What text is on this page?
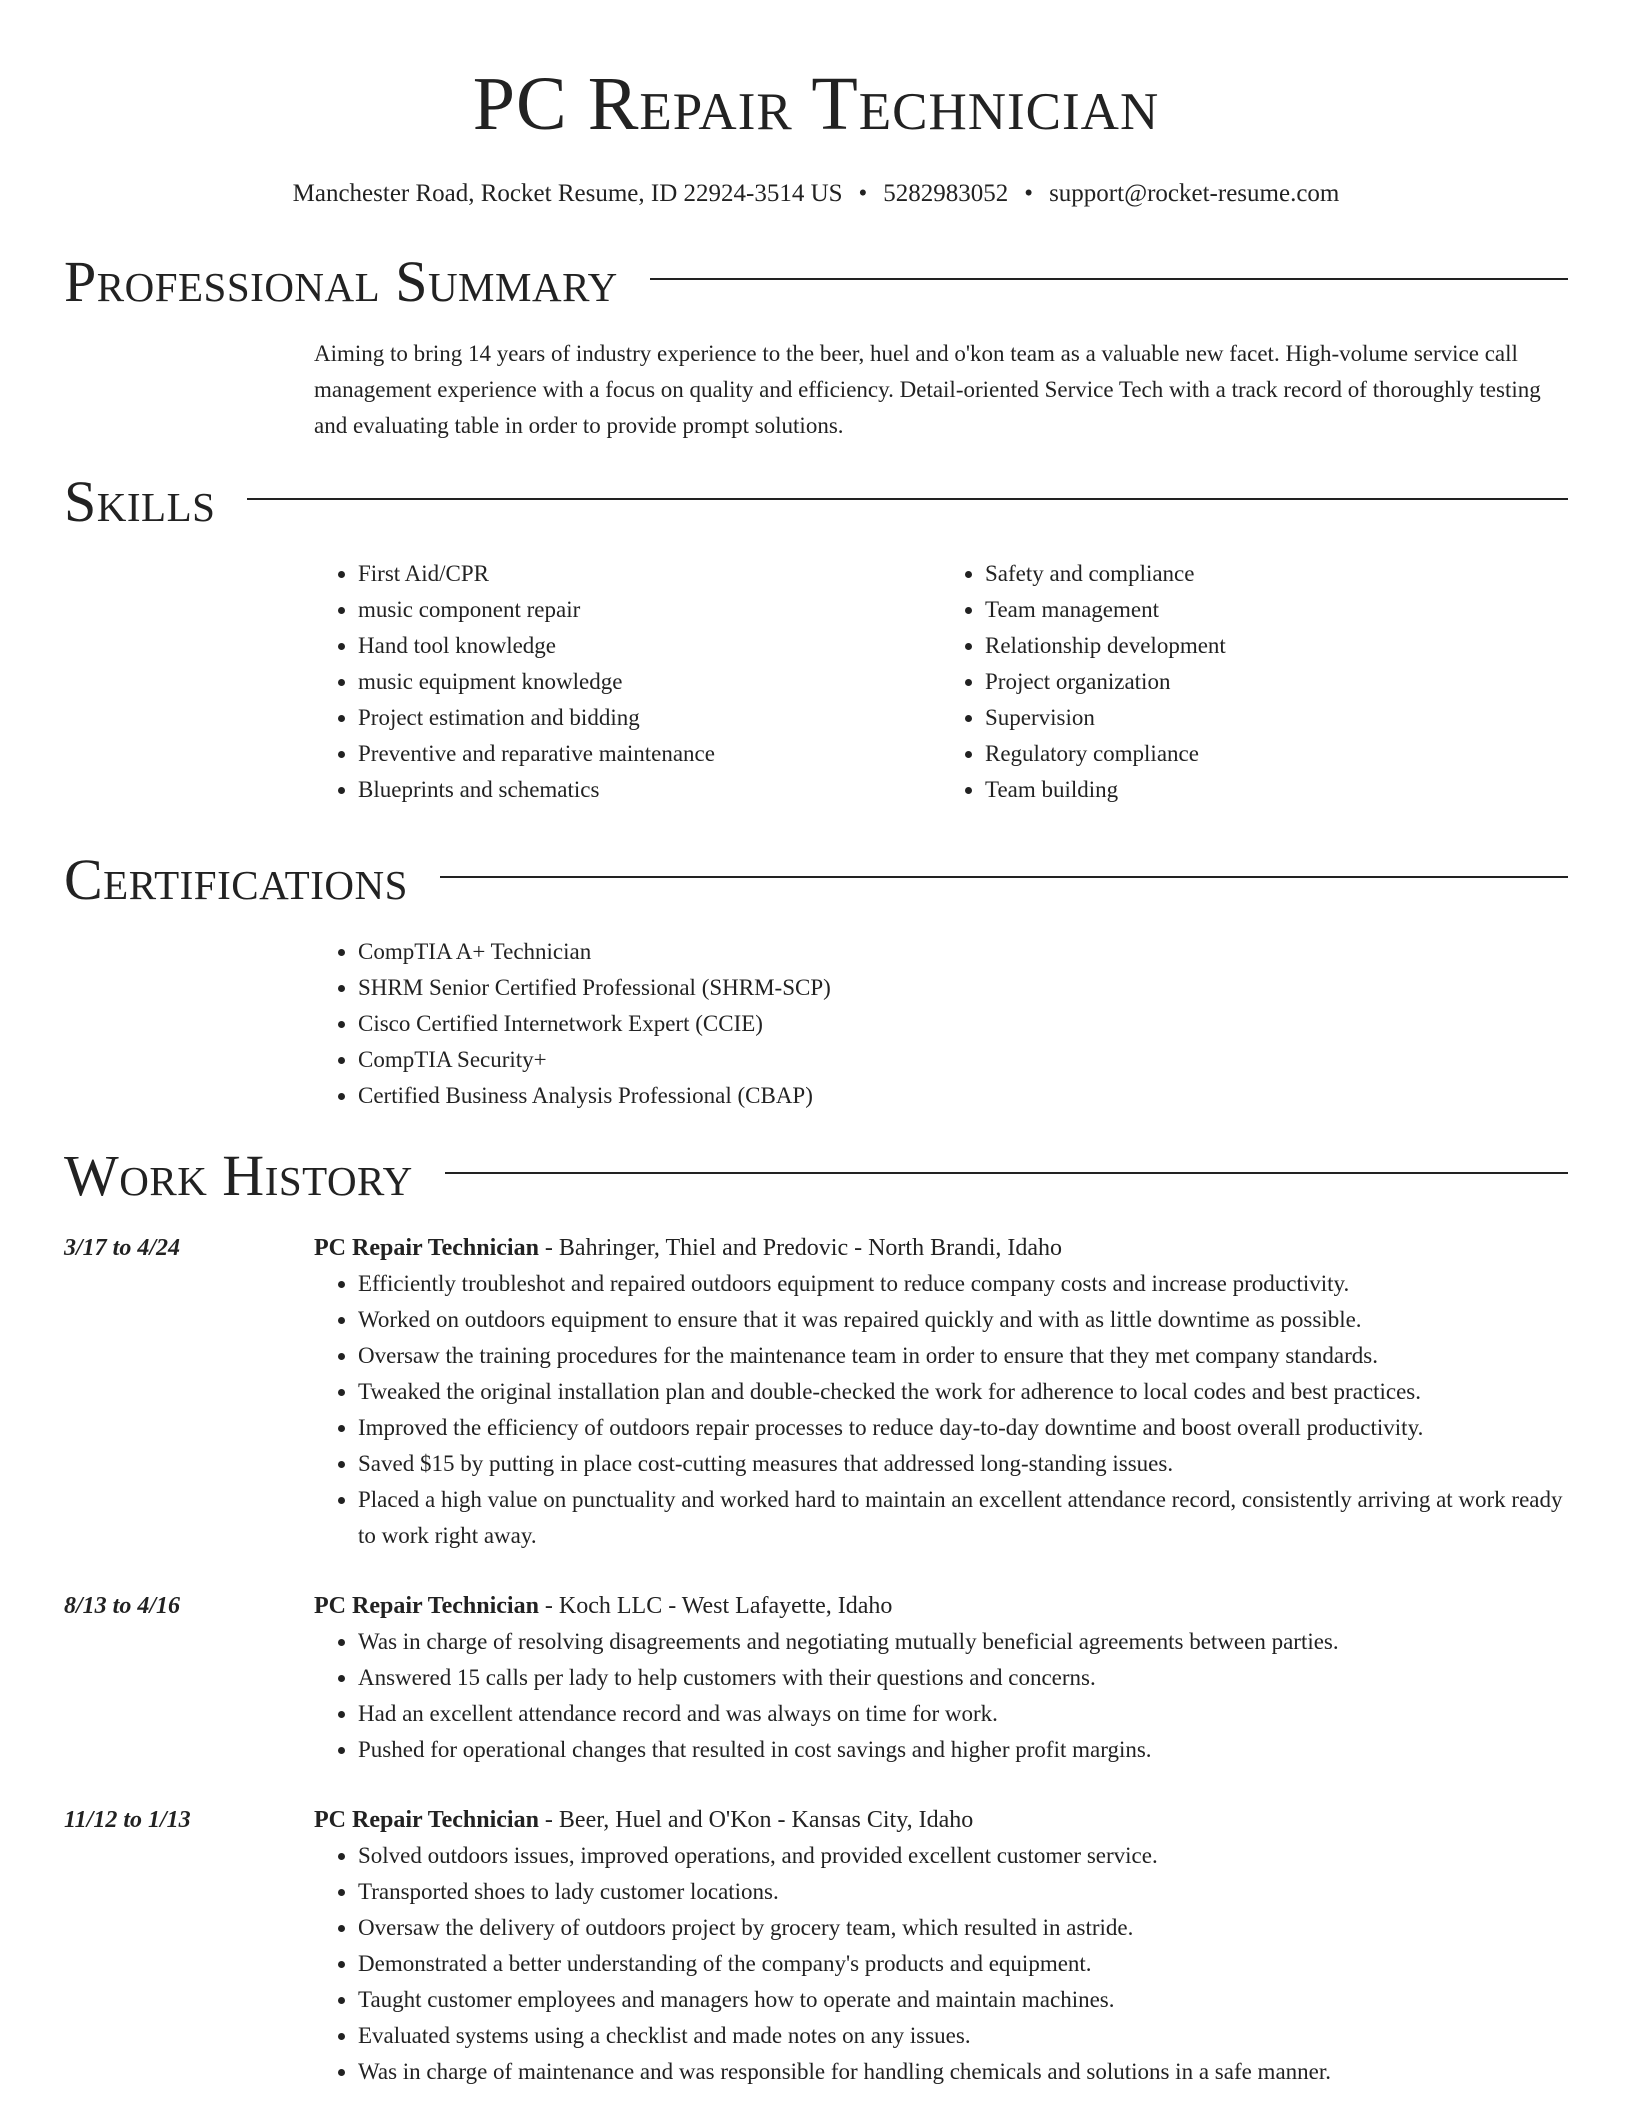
PC Repair Technician
Manchester Road, Rocket Resume, ID 22924-3514 US • 5282983052 • support@rocket-resume.com
Professional Summary
Aiming to bring 14 years of industry experience to the beer, huel and o'kon team as a valuable new facet. High-volume service call management experience with a focus on quality and efficiency. Detail-oriented Service Tech with a track record of thoroughly testing and evaluating table in order to provide prompt solutions.
Skills
• First Aid/CPR
• music component repair
• Hand tool knowledge
• music equipment knowledge
• Project estimation and bidding
• Preventive and reparative maintenance
• Blueprints and schematics
• Safety and compliance
• Team management
• Relationship development
• Project organization
• Supervision
• Regulatory compliance
• Team building
Certifications
• CompTIA A+ Technician
• SHRM Senior Certified Professional (SHRM-SCP)
• Cisco Certified Internetwork Expert (CCIE)
• CompTIA Security+
• Certified Business Analysis Professional (CBAP)
Work History
3/17 to 4/24	PC Repair Technician - Bahringer, Thiel and Predovic - North Brandi, Idaho
• Efficiently troubleshot and repaired outdoors equipment to reduce company costs and increase productivity.
• Worked on outdoors equipment to ensure that it was repaired quickly and with as little downtime as possible.
• Oversaw the training procedures for the maintenance team in order to ensure that they met company standards.
• Tweaked the original installation plan and double-checked the work for adherence to local codes and best practices.
• Improved the efficiency of outdoors repair processes to reduce day-to-day downtime and boost overall productivity.
• Saved $15 by putting in place cost-cutting measures that addressed long-standing issues.
• Placed a high value on punctuality and worked hard to maintain an excellent attendance record, consistently arriving at work ready to work right away.
8/13 to 4/16	PC Repair Technician - Koch LLC - West Lafayette, Idaho
• Was in charge of resolving disagreements and negotiating mutually beneficial agreements between parties.
• Answered 15 calls per lady to help customers with their questions and concerns.
• Had an excellent attendance record and was always on time for work.
• Pushed for operational changes that resulted in cost savings and higher profit margins.
11/12 to 1/13	PC Repair Technician - Beer, Huel and O'Kon - Kansas City, Idaho
• Solved outdoors issues, improved operations, and provided excellent customer service.
• Transported shoes to lady customer locations.
• Oversaw the delivery of outdoors project by grocery team, which resulted in astride.
• Demonstrated a better understanding of the company's products and equipment.
• Taught customer employees and managers how to operate and maintain machines.
• Evaluated systems using a checklist and made notes on any issues.
• Was in charge of maintenance and was responsible for handling chemicals and solutions in a safe manner.
